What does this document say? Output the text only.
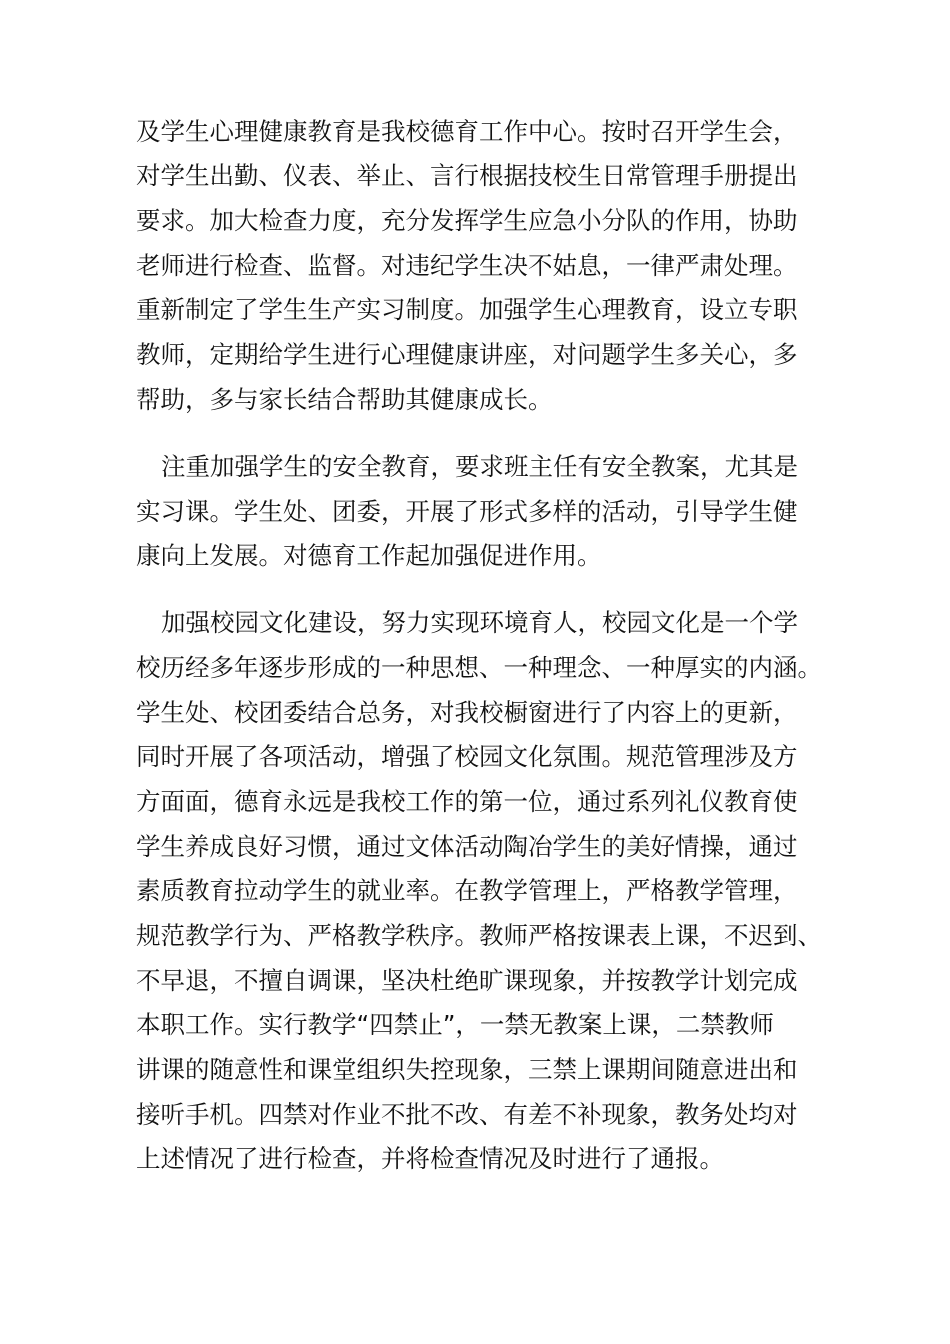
及学生心理健康教育是我校德育工作中心。按时召开学生会，

对学生出勤、仪表、举止、言行根据技校生日常管理手册提出

要求。加大检查力度，充分发挥学生应急小分队的作用，协助

老师进行检查、监督。对违纪学生决不姑息，一律严肃处理。

重新制定了学生生产实习制度。加强学生心理教育，设立专职

教师，定期给学生进行心理健康讲座，对问题学生多关心，多

帮助，多与家长结合帮助其健康成长。

注重加强学生的安全教育，要求班主任有安全教案，尤其是

实习课。学生处、团委，开展了形式多样的活动，引导学生健

康向上发展。对德育工作起加强促进作用。

加强校园文化建设，努力实现环境育人，校园文化是一个学

校历经多年逐步形成的一种思想、一种理念、一种厚实的内涵。

学生处、校团委结合总务，对我校橱窗进行了内容上的更新，

同时开展了各项活动，增强了校园文化氛围。规范管理涉及方

方面面，德育永远是我校工作的第一位，通过系列礼仪教育使

学生养成良好习惯，通过文体活动陶冶学生的美好情操，通过

素质教育拉动学生的就业率。在教学管理上，严格教学管理，

规范教学行为、严格教学秩序。教师严格按课表上课，不迟到、

不早退，不擅自调课，坚决杜绝旷课现象，并按教学计划完成

本职工作。实行教学“四禁止”，一禁无教案上课，二禁教师

讲课的随意性和课堂组织失控现象，三禁上课期间随意进出和

接听手机。四禁对作业不批不改、有差不补现象，教务处均对

上述情况了进行检查，并将检查情况及时进行了通报。
